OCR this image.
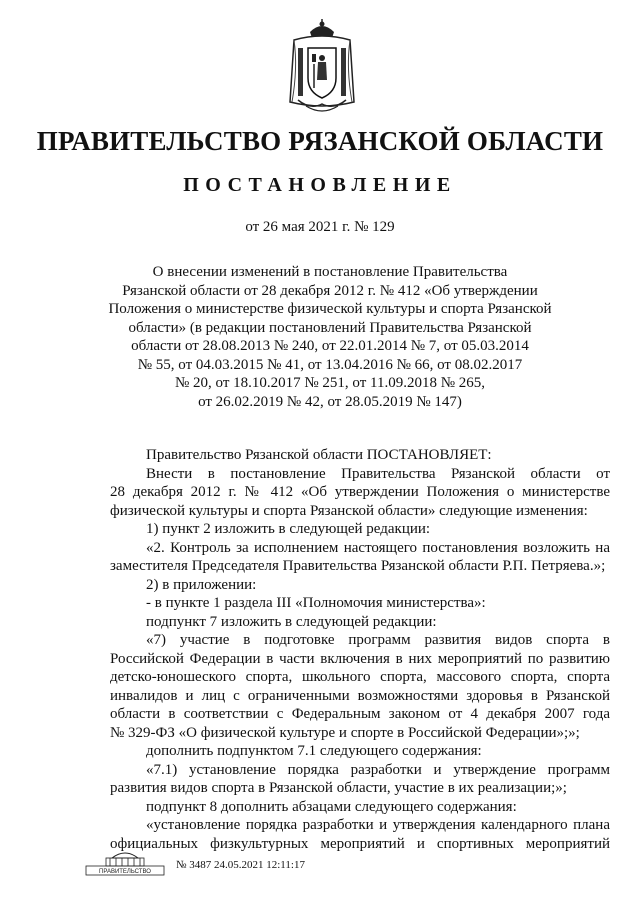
ПРАВИТЕЛЬСТВО РЯЗАНСКОЙ ОБЛАСТИ
ПОСТАНОВЛЕНИЕ
от 26 мая 2021 г. № 129
О внесении изменений в постановление Правительства
Рязанской области от 28 декабря 2012 г. № 412 «Об утверждении
Положения о министерстве физической культуры и спорта Рязанской
области» (в редакции постановлений Правительства Рязанской
области от 28.08.2013 № 240, от 22.01.2014 № 7, от 05.03.2014
№ 55, от 04.03.2015 № 41, от 13.04.2016 № 66, от 08.02.2017
№ 20, от 18.10.2017 № 251, от 11.09.2018 № 265,
от 26.02.2019 № 42, от 28.05.2019 № 147)
Правительство Рязанской области ПОСТАНОВЛЯЕТ:
Внести в постановление Правительства Рязанской области от
28 декабря 2012 г. № 412 «Об утверждении Положения о министерстве
физической культуры и спорта Рязанской области» следующие изменения:
1) пункт 2 изложить в следующей редакции:
«2. Контроль за исполнением настоящего постановления возложить на
заместителя Председателя Правительства Рязанской области Р.П. Петряева.»;
2) в приложении:
- в пункте 1 раздела III «Полномочия министерства»:
подпункт 7 изложить в следующей редакции:
«7) участие в подготовке программ развития видов спорта в
Российской Федерации в части включения в них мероприятий по развитию
детско-юношеского спорта, школьного спорта, массового спорта, спорта
инвалидов и лиц с ограниченными возможностями здоровья в Рязанской
области в соответствии с Федеральным законом от 4 декабря 2007 года
№ 329-ФЗ «О физической культуре и спорте в Российской Федерации»;»;
дополнить подпунктом 7.1 следующего содержания:
«7.1) установление порядка разработки и утверждение программ
развития видов спорта в Рязанской области, участие в их реализации;»;
подпункт 8 дополнить абзацами следующего содержания:
«установление порядка разработки и утверждения календарного плана
официальных физкультурных мероприятий и спортивных мероприятий
ПРАВИТЕЛЬСТВО
№ 3487 24.05.2021 12:11:17
